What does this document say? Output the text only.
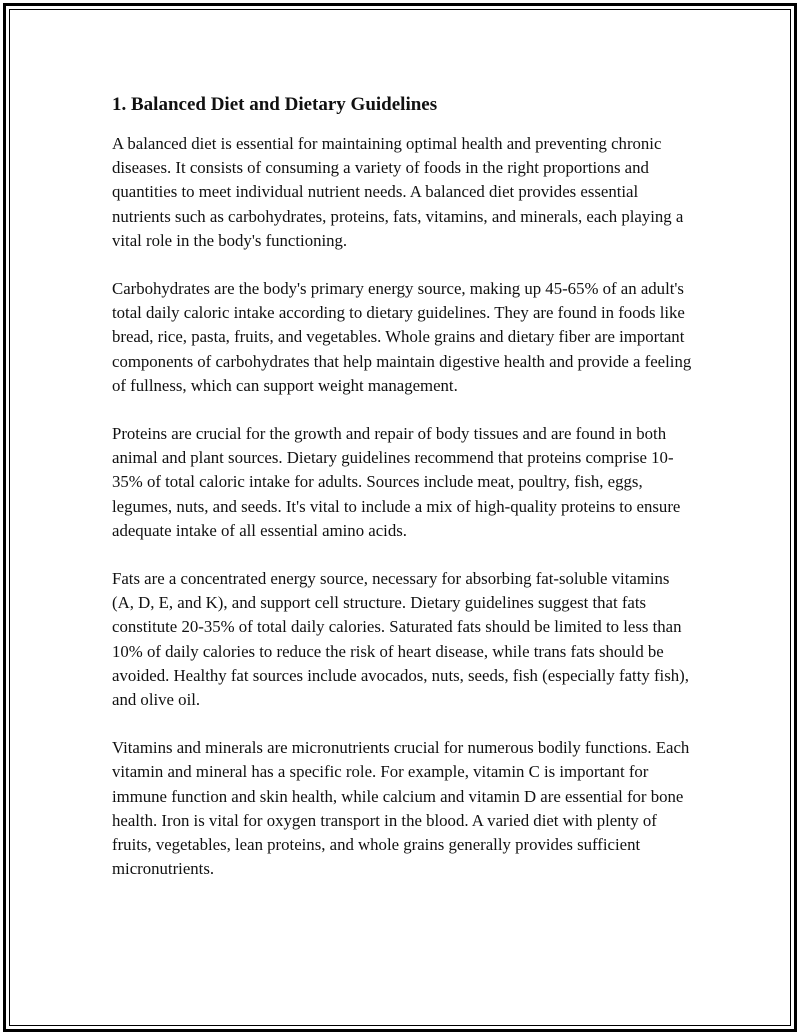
1. Balanced Diet and Dietary Guidelines

A balanced diet is essential for maintaining optimal health and preventing chronic diseases. It consists of consuming a variety of foods in the right proportions and quantities to meet individual nutrient needs. A balanced diet provides essential nutrients such as carbohydrates, proteins, fats, vitamins, and minerals, each playing a vital role in the body's functioning.

Carbohydrates are the body's primary energy source, making up 45-65% of an adult's total daily caloric intake according to dietary guidelines. They are found in foods like bread, rice, pasta, fruits, and vegetables. Whole grains and dietary fiber are important components of carbohydrates that help maintain digestive health and provide a feeling of fullness, which can support weight management.

Proteins are crucial for the growth and repair of body tissues and are found in both animal and plant sources. Dietary guidelines recommend that proteins comprise 10-35% of total caloric intake for adults. Sources include meat, poultry, fish, eggs, legumes, nuts, and seeds. It's vital to include a mix of high-quality proteins to ensure adequate intake of all essential amino acids.

Fats are a concentrated energy source, necessary for absorbing fat-soluble vitamins (A, D, E, and K), and support cell structure. Dietary guidelines suggest that fats constitute 20-35% of total daily calories. Saturated fats should be limited to less than 10% of daily calories to reduce the risk of heart disease, while trans fats should be avoided. Healthy fat sources include avocados, nuts, seeds, fish (especially fatty fish), and olive oil.

Vitamins and minerals are micronutrients crucial for numerous bodily functions. Each vitamin and mineral has a specific role. For example, vitamin C is important for immune function and skin health, while calcium and vitamin D are essential for bone health. Iron is vital for oxygen transport in the blood. A varied diet with plenty of fruits, vegetables, lean proteins, and whole grains generally provides sufficient micronutrients.
